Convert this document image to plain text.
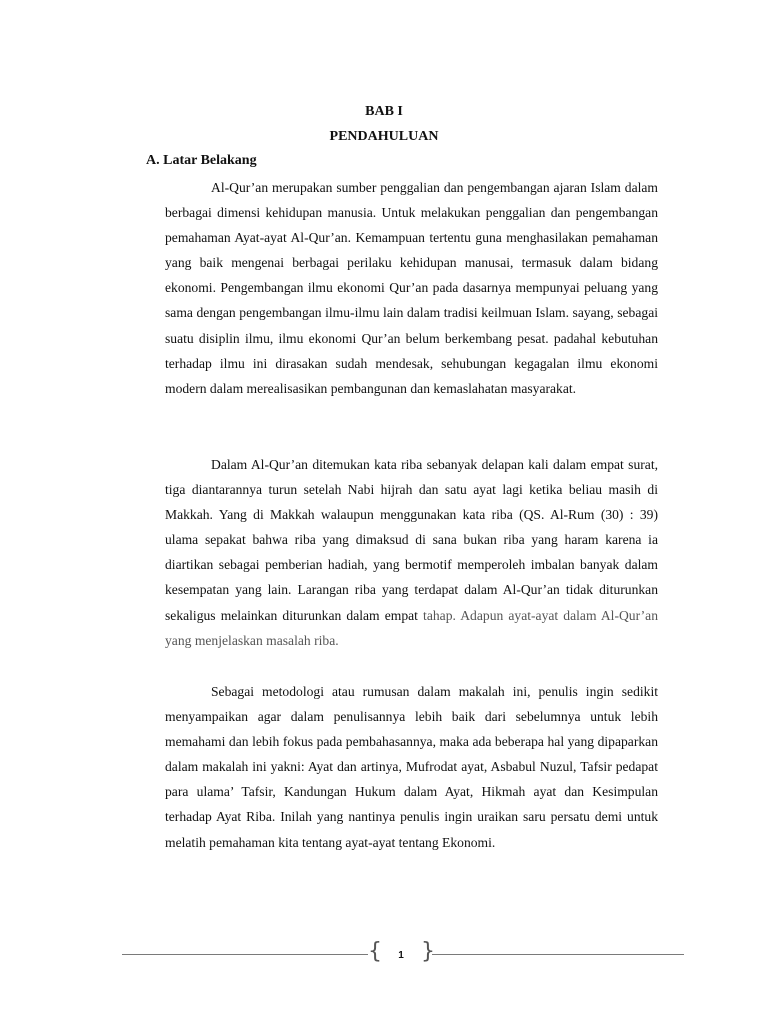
BAB I
PENDAHULUAN
A. Latar Belakang

Al-Qur’an merupakan sumber penggalian dan pengembangan ajaran Islam dalam berbagai dimensi kehidupan manusia. Untuk melakukan penggalian dan pengembangan pemahaman Ayat-ayat Al-Qur’an. Kemampuan tertentu guna menghasilakan pemahaman yang baik mengenai berbagai perilaku kehidupan manusai, termasuk dalam bidang ekonomi. Pengembangan ilmu ekonomi Qur’an pada dasarnya mempunyai peluang yang sama dengan pengembangan ilmu-ilmu lain dalam tradisi keilmuan Islam. sayang, sebagai suatu disiplin ilmu, ilmu ekonomi Qur’an belum berkembang pesat. padahal kebutuhan terhadap ilmu ini dirasakan sudah mendesak, sehubungan kegagalan ilmu ekonomi modern dalam merealisasikan pembangunan dan kemaslahatan masyarakat.

Dalam Al-Qur’an ditemukan kata riba sebanyak delapan kali dalam empat surat, tiga diantarannya turun setelah Nabi hijrah dan satu ayat lagi ketika beliau masih di Makkah. Yang di Makkah walaupun menggunakan kata riba (QS. Al-Rum (30) : 39) ulama sepakat bahwa riba yang dimaksud di sana bukan riba yang haram karena ia diartikan sebagai pemberian hadiah, yang bermotif memperoleh imbalan banyak dalam kesempatan yang lain. Larangan riba yang terdapat dalam Al-Qur’an tidak diturunkan sekaligus melainkan diturunkan dalam empat tahap. Adapun ayat-ayat dalam Al-Qur’an yang menjelaskan masalah riba.

Sebagai metodologi atau rumusan dalam makalah ini, penulis ingin sedikit menyampaikan agar dalam penulisannya lebih baik dari sebelumnya untuk lebih memahami dan lebih fokus pada pembahasannya, maka ada beberapa hal yang dipaparkan dalam makalah ini yakni: Ayat dan artinya, Mufrodat ayat, Asbabul Nuzul, Tafsir pedapat para ulama’ Tafsir, Kandungan Hukum dalam Ayat, Hikmah ayat dan Kesimpulan terhadap Ayat Riba. Inilah yang nantinya penulis ingin uraikan saru persatu demi untuk melatih pemahaman kita tentang ayat-ayat tentang Ekonomi.

{	1 }
